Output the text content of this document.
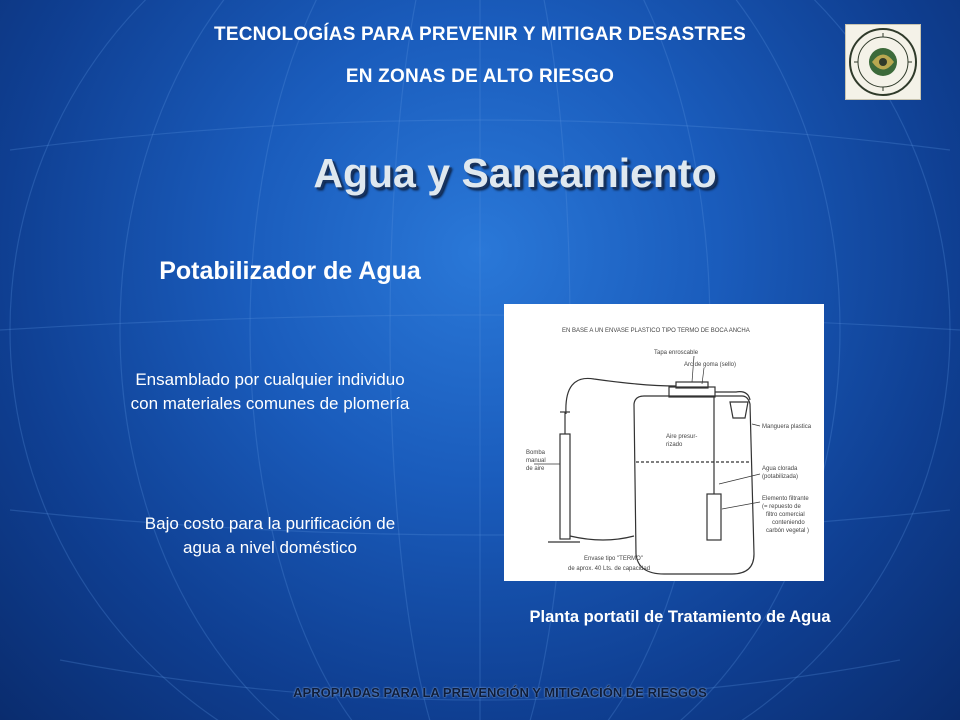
TECNOLOGÍAS PARA PREVENIR Y MITIGAR DESASTRES
EN ZONAS DE ALTO RIESGO
Agua y Saneamiento
Potabilizador de Agua
Ensamblado por cualquier individuo
con materiales comunes de plomería
Bajo costo para la purificación de
agua a nivel doméstico
EN BASE A UN ENVASE PLASTICO TIPO TERMO DE BOCA ANCHA
Tapa enroscable
Arc de goma (sello)
Aire presur-
rizado
Manguera plastica
Agua clorada
(potabilizada)
Elemento filtrante
(= repuesto de
filtro comercial
conteniendo
carbón vegetal )
Bomba
manual
de aire
Envase tipo "TERMO"
de aprox. 40 Lts. de capacidad
Planta portatil de Tratamiento de Agua
APROPIADAS PARA LA PREVENCIÓN Y MITIGACIÓN DE RIESGOS
